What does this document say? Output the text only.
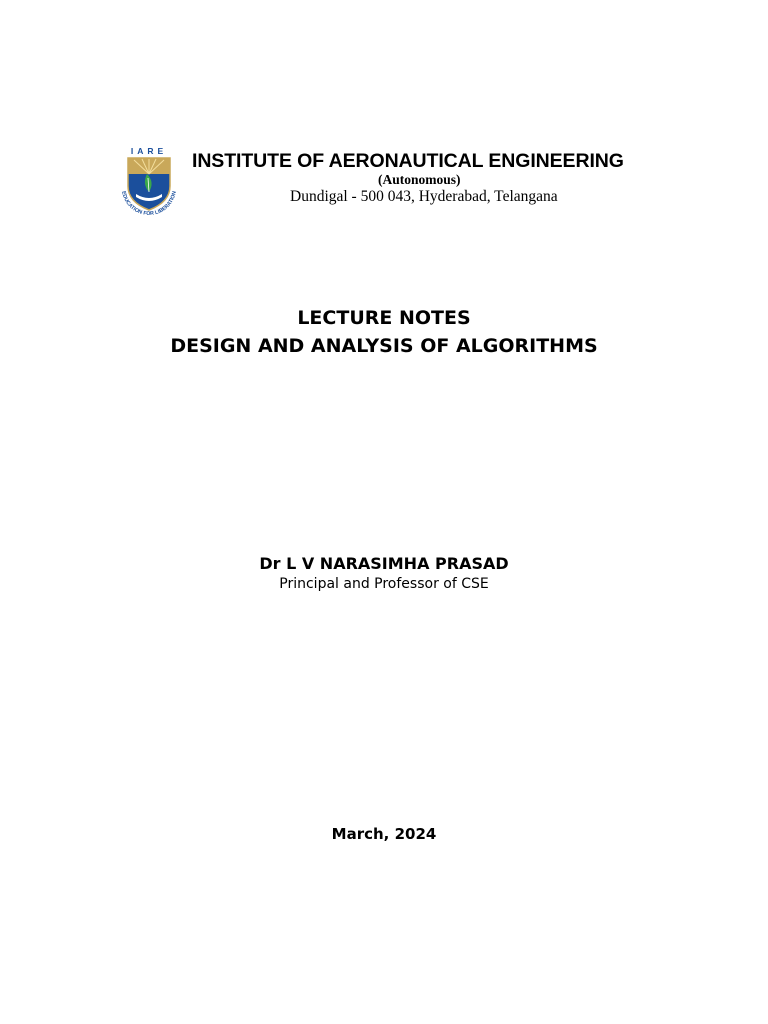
IARE
EDUCATION FOR LIBERATION
INSTITUTE OF AERONAUTICAL ENGINEERING
(Autonomous)
Dundigal - 500 043, Hyderabad, Telangana
LECTURE NOTES
DESIGN AND ANALYSIS OF ALGORITHMS
Dr L V NARASIMHA PRASAD
Principal and Professor of CSE
March, 2024
